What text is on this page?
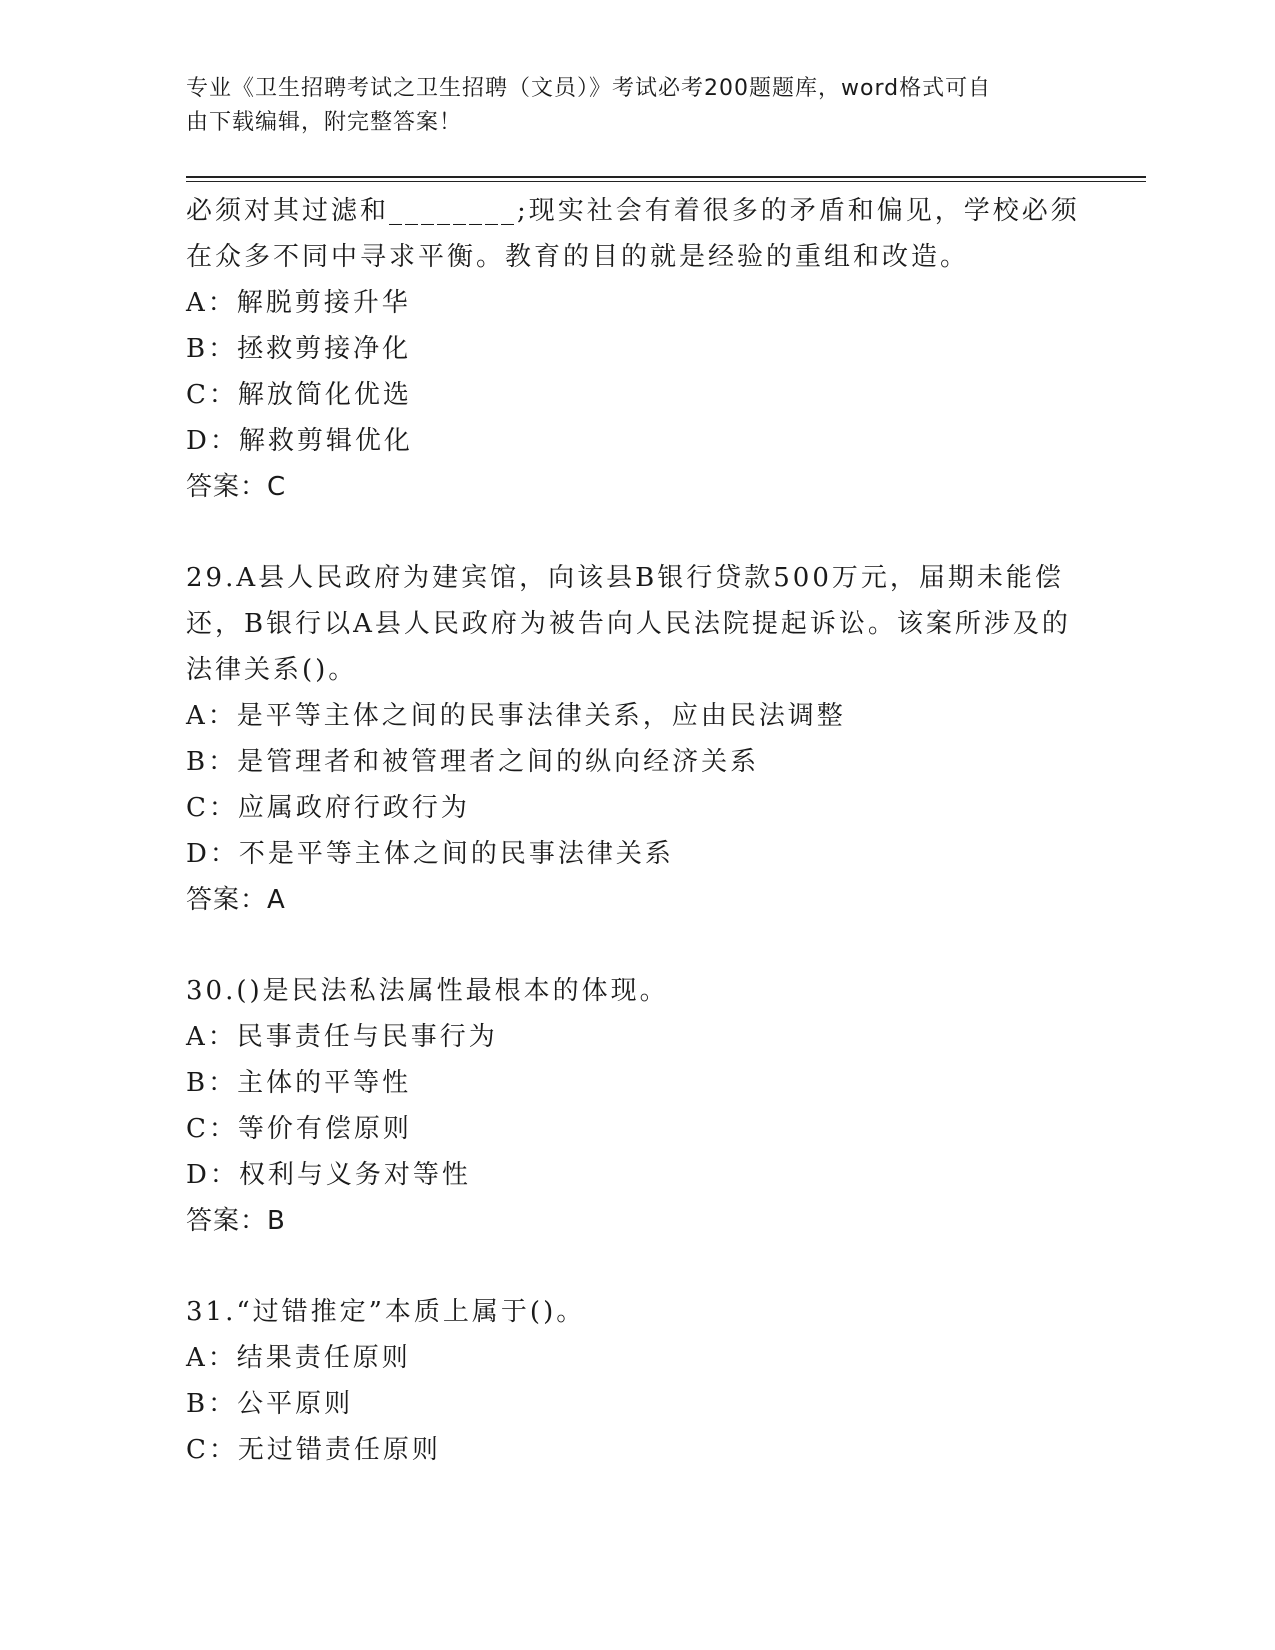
专业《卫生招聘考试之卫生招聘（文员）》考试必考200题题库，word格式可自
由下载编辑，附完整答案！
必须对其过滤和________;现实社会有着很多的矛盾和偏见，学校必须
在众多不同中寻求平衡。教育的目的就是经验的重组和改造。
A：解脱剪接升华
B：拯救剪接净化
C：解放简化优选
D：解救剪辑优化
答案：C
29.A县人民政府为建宾馆，向该县B银行贷款500万元，届期未能偿
还，B银行以A县人民政府为被告向人民法院提起诉讼。该案所涉及的
法律关系()。
A：是平等主体之间的民事法律关系，应由民法调整
B：是管理者和被管理者之间的纵向经济关系
C：应属政府行政行为
D：不是平等主体之间的民事法律关系
答案：A
30.()是民法私法属性最根本的体现。
A：民事责任与民事行为
B：主体的平等性
C：等价有偿原则
D：权利与义务对等性
答案：B
31.“过错推定”本质上属于()。
A：结果责任原则
B：公平原则
C：无过错责任原则
